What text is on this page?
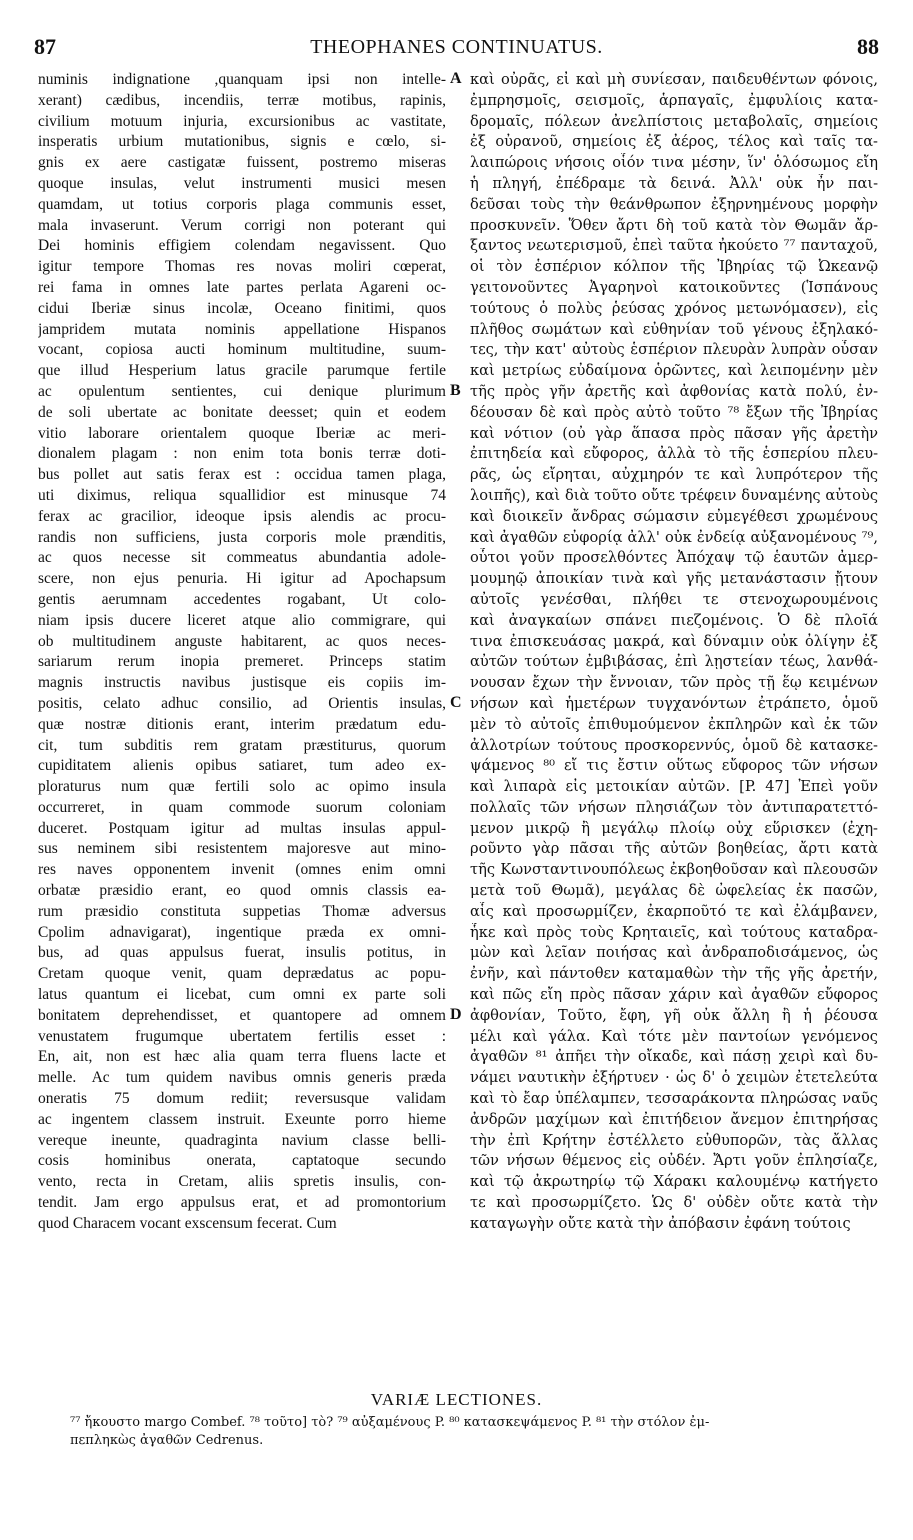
87	THEOPHANES CONTINUATUS.	88
numinis indignatione ,quanquam ipsi non intelle-
xerant) cædibus, incendiis, terræ motibus, rapinis,
civilium motuum injuria, excursionibus ac vastitate,
insperatis urbium mutationibus, signis e cœlo, si-
gnis ex aere castigatæ fuissent, postremo miseras
quoque insulas, velut instrumenti musici mesen
quamdam, ut totius corporis plaga communis esset,
mala invaserunt. Verum corrigi non poterant qui
Dei hominis effigiem colendam negavissent. Quo
igitur tempore Thomas res novas moliri cœperat,
rei fama in omnes late partes perlata Agareni oc-
cidui Iberiæ sinus incolæ, Oceano finitimi, quos
jampridem mutata nominis appellatione Hispanos
vocant, copiosa aucti hominum multitudine, suum-
que illud Hesperium latus gracile parumque fertile
ac opulentum sentientes, cui denique plurimum
de soli ubertate ac bonitate deesset; quin et eodem
vitio laborare orientalem quoque Iberiæ ac meri-
dionalem plagam : non enim tota bonis terræ doti-
bus pollet aut satis ferax est : occidua tamen plaga,
uti diximus, reliqua squallidior est minusque 74
ferax ac gracilior, ideoque ipsis alendis ac procu-
randis non sufficiens, justa corporis mole prænditis,
ac quos necesse sit commeatus abundantia adole-
scere, non ejus penuria. Hi igitur ad Apochapsum
gentis aerumnam accedentes rogabant, Ut colo-
niam ipsis ducere liceret atque alio commigrare, qui
ob multitudinem anguste habitarent, ac quos neces-
sariarum rerum inopia premeret. Princeps statim
magnis instructis navibus justisque eis copiis im-
positis, celato adhuc consilio, ad Orientis insulas,
quæ nostræ ditionis erant, interim prædatum edu-
cit, tum subditis rem gratam præstiturus, quorum
cupiditatem alienis opibus satiaret, tum adeo ex-
ploraturus num quæ fertili solo ac opimo insula
occurreret, in quam commode suorum coloniam
duceret. Postquam igitur ad multas insulas appul-
sus neminem sibi resistentem majoresve aut mino-
res naves opponentem invenit (omnes enim omni
orbatæ præsidio erant, eo quod omnis classis ea-
rum præsidio constituta suppetias Thomæ adversus
Cpolim adnavigarat), ingentique præda ex omni-
bus, ad quas appulsus fuerat, insulis potitus, in
Cretam quoque venit, quam deprædatus ac popu-
latus quantum ei licebat, cum omni ex parte soli
bonitatem deprehendisset, et quantopere ad omnem
venustatem frugumque ubertatem fertilis esset :
En, ait, non est hæc alia quam terra fluens lacte et
melle. Ac tum quidem navibus omnis generis præda
oneratis 75 domum rediit; reversusque validam
ac ingentem classem instruit. Exeunte porro hieme
vereque ineunte, quadraginta navium classe belli-
cosis hominibus onerata, captatoque secundo
vento, recta in Cretam, aliis spretis insulis, con-
tendit. Jam ergo appulsus erat, et ad promontorium
quod Characem vocant exscensum fecerat. Cum
καὶ οὐρᾶς, εἰ καὶ μὴ συνίεσαν, παιδευθέντων φόνοις,
ἐμπρησμοῖς, σεισμοῖς, ἁρπαγαῖς, ἐμφυλίοις κατα-
δρομαῖς, πόλεων ἀνελπίστοις μεταβολαῖς, σημείοις
ἐξ οὐρανοῦ, σημείοις ἐξ ἀέρος, τέλος καὶ ταῖς τα-
λαιπώροις νήσοις οἷόν τινα μέσην, ἵν' ὁλόσωμος εἴη
ἡ πληγή, ἐπέδραμε τὰ δεινά. Ἀλλ' οὐκ ἦν παι-
δεῦσαι τοὺς τὴν θεάνθρωπον ἐξηρνημένους μορφὴν
προσκυνεῖν. Ὅθεν ἄρτι δὴ τοῦ κατὰ τὸν Θωμᾶν ἄρ-
ξαντος νεωτερισμοῦ, ἐπεὶ ταῦτα ἠκούετο ⁷⁷ πανταχοῦ,
οἱ τὸν ἑσπέριον κόλπον τῆς Ἰβηρίας τῷ Ὠκεανῷ
γειτονοῦντες Ἀγαρηνοὶ κατοικοῦντες (Ἱσπάνους
τούτους ὁ πολὺς ῥεύσας χρόνος μετωνόμασεν), εἰς
πλῆθος σωμάτων καὶ εὐθηνίαν τοῦ γένους ἐξηλακό-
τες, τὴν κατ' αὐτοὺς ἑσπέριον πλευρὰν λυπρὰν οὖσαν
καὶ μετρίως εὐδαίμονα ὁρῶντες, καὶ λειπομένην μὲν
τῆς πρὸς γῆν ἀρετῆς καὶ ἀφθονίας κατὰ πολύ, ἐν-
δέουσαν δὲ καὶ πρὸς αὐτὸ τοῦτο ⁷⁸ ἔξων τῆς Ἰβηρίας
καὶ νότιον (οὐ γὰρ ἅπασα πρὸς πᾶσαν γῆς ἀρετὴν
ἐπιτηδεία καὶ εὔφορος, ἀλλὰ τὸ τῆς ἑσπερίου πλευ-
ρᾶς, ὡς εἴρηται, αὐχμηρόν τε καὶ λυπρότερον τῆς
λοιπῆς), καὶ διὰ τοῦτο οὔτε τρέφειν δυναμένης αὐτοὺς
καὶ διοικεῖν ἄνδρας σώμασιν εὐμεγέθεσι χρωμένους
καὶ ἀγαθῶν εὐφορίᾳ ἀλλ' οὐκ ἐνδείᾳ αὐξανομένους ⁷⁹,
οὗτοι γοῦν προσελθόντες Ἀπόχαψ τῷ ἑαυτῶν ἀμερ-
μουμηῷ ἀποικίαν τινὰ καὶ γῆς μετανάστασιν ᾔτουν
αὐτοῖς γενέσθαι, πλήθει τε στενοχωρουμένοις
καὶ ἀναγκαίων σπάνει πιεζομένοις. Ὁ δὲ πλοῖά
τινα ἐπισκευάσας μακρά, καὶ δύναμιν οὐκ ὀλίγην ἐξ
αὐτῶν τούτων ἐμβιβάσας, ἐπὶ λῃστείαν τέως, λανθά-
νουσαν ἔχων τὴν ἔννοιαν, τῶν πρὸς τῇ ἕῳ κειμένων
νήσων καὶ ἡμετέρων τυγχανόντων ἐτράπετο, ὁμοῦ
μὲν τὸ αὐτοῖς ἐπιθυμούμενον ἐκπληρῶν καὶ ἐκ τῶν
ἀλλοτρίων τούτους προσκορεννύς, ὁμοῦ δὲ κατασκε-
ψάμενος ⁸⁰ εἴ τις ἔστιν οὕτως εὔφορος τῶν νήσων
καὶ λιπαρὰ εἰς μετοικίαν αὐτῶν. [P. 47] Ἐπεὶ γοῦν
πολλαῖς τῶν νήσων πλησιάζων τὸν ἀντιπαρατεττό-
μενον μικρῷ ἢ μεγάλῳ πλοίῳ οὐχ εὕρισκεν (ἐχη-
ροῦντο γὰρ πᾶσαι τῆς αὐτῶν βοηθείας, ἄρτι κατὰ
τῆς Κωνσταντινουπόλεως ἐκβοηθοῦσαν καὶ πλεουσῶν
μετὰ τοῦ Θωμᾶ), μεγάλας δὲ ὠφελείας ἐκ πασῶν,
αἷς καὶ προσωρμίζεν, ἐκαρποῦτό τε καὶ ἐλάμβανεν,
ἧκε καὶ πρὸς τοὺς Κρηταιεῖς, καὶ τούτους καταδρα-
μὼν καὶ λεῖαν ποιήσας καὶ ἀνδραποδισάμενος, ὡς
ἐνῆν, καὶ πάντοθεν καταμαθὼν τὴν τῆς γῆς ἀρετήν,
καὶ πῶς εἴη πρὸς πᾶσαν χάριν καὶ ἀγαθῶν εὔφορος
ἀφθονίαν, Τοῦτο, ἔφη, γῆ οὐκ ἄλλη ἢ ἡ ῥέουσα
μέλι καὶ γάλα. Καὶ τότε μὲν παντοίων γενόμενος
ἀγαθῶν ⁸¹ ἀπῆει τὴν οἴκαδε, καὶ πάσῃ χειρὶ καὶ δυ-
νάμει ναυτικὴν ἐξήρτυεν · ὡς δ' ὁ χειμὼν ἐτετελεύτα
καὶ τὸ ἔαρ ὑπέλαμπεν, τεσσαράκοντα πληρώσας ναῦς
ἀνδρῶν μαχίμων καὶ ἐπιτήδειον ἄνεμον ἐπιτηρήσας
τὴν ἐπὶ Κρήτην ἐστέλλετο εὐθυπορῶν, τὰς ἄλλας
τῶν νήσων θέμενος εἰς οὐδέν. Ἄρτι γοῦν ἐπλησίαζε,
καὶ τῷ ἀκρωτηρίῳ τῷ Χάρακι καλουμένῳ κατήγετο
τε καὶ προσωρμίζετο. Ὡς δ' οὐδὲν οὔτε κατὰ τὴν
καταγωγὴν οὔτε κατὰ τὴν ἀπόβασιν ἐφάνη τούτοις
A
B
C
D
VARIÆ LECTIONES.
⁷⁷ ἤκουστο margo Combef. ⁷⁸ τοῦτο] τὸ? ⁷⁹ αὐξαμένους P. ⁸⁰ κατασκεψάμενος P. ⁸¹ τὴν στόλον ἐμ-
πεπληκὼς ἀγαθῶν Cedrenus.
